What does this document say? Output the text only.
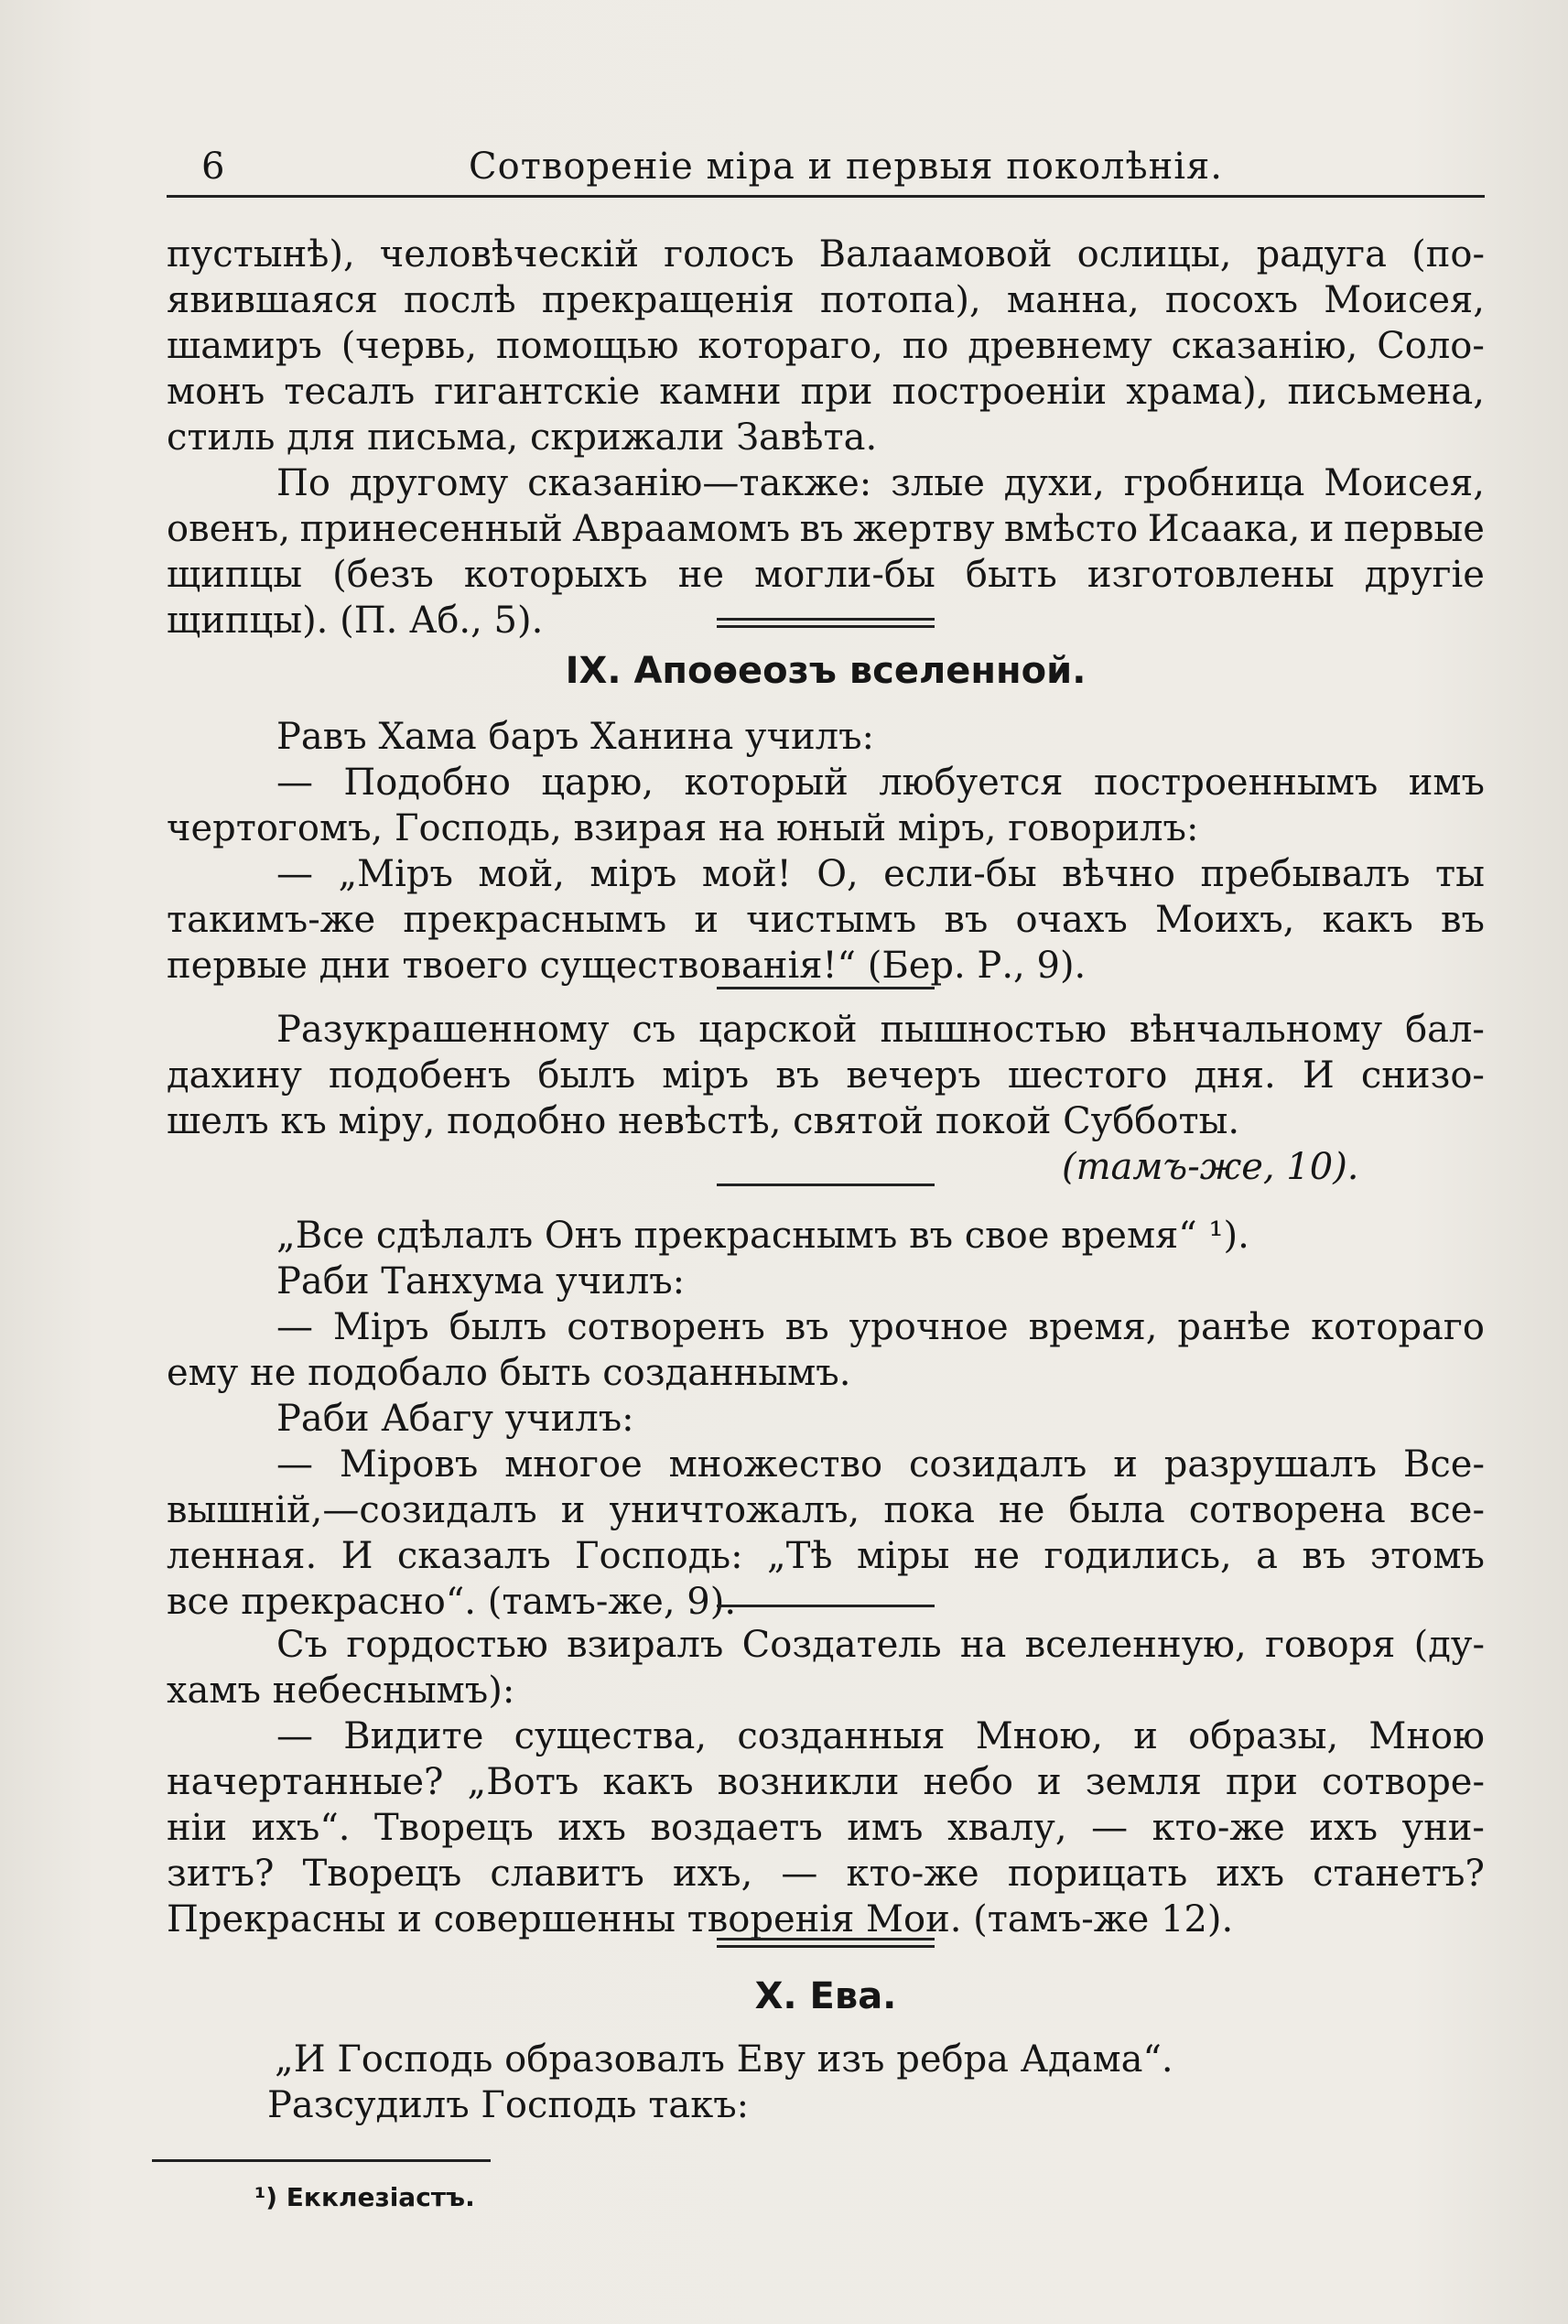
6	Сотвореніе міра и первыя поколѣнія.
пустынѣ), человѣческій голосъ Валаамовой ослицы, радуга (по-
явившаяся послѣ прекращенія потопа), манна, посохъ Моисея,
шамиръ (червь, помощью котораго, по древнему сказанію, Соло-
монъ тесалъ гигантскіе камни при построеніи храма), письмена,
стиль для письма, скрижали Завѣта.
По другому сказанію—также: злые духи, гробница Моисея,
овенъ, принесенный Авраамомъ въ жертву вмѣсто Исаака, и первые
щипцы (безъ которыхъ не могли-бы быть изготовлены другіе
щипцы). (П. Аб., 5).
IX. Апоѳеозъ вселенной.
Равъ Хама баръ Ханина училъ:
— Подобно царю, который любуется построеннымъ имъ
чертогомъ, Господь, взирая на юный міръ, говорилъ:
— „Міръ мой, міръ мой! О, если-бы вѣчно пребывалъ ты
такимъ-же прекраснымъ и чистымъ въ очахъ Моихъ, какъ въ
первые дни твоего существованія!“ (Бер. Р., 9).
Разукрашенному съ царской пышностью вѣнчальному бал-
дахину подобенъ былъ міръ въ вечеръ шестого дня. И снизо-
шелъ къ міру, подобно невѣстѣ, святой покой Субботы.
(тамъ-же, 10).
„Все сдѣлалъ Онъ прекраснымъ въ свое время“ ¹).
Раби Танхума училъ:
— Міръ былъ сотворенъ въ урочное время, ранѣе котораго
ему не подобало быть созданнымъ.
Раби Абагу училъ:
— Міровъ многое множество созидалъ и разрушалъ Все-
вышній,—созидалъ и уничтожалъ, пока не была сотворена все-
ленная. И сказалъ Господь: „Тѣ міры не годились, а въ этомъ
все прекрасно“. (тамъ-же, 9).
Съ гордостью взиралъ Создатель на вселенную, говоря (ду-
хамъ небеснымъ):
— Видите существа, созданныя Мною, и образы, Мною
начертанные? „Вотъ какъ возникли небо и земля при сотворе-
ніи ихъ“. Творецъ ихъ воздаетъ имъ хвалу, — кто-же ихъ уни-
зитъ? Творецъ славитъ ихъ, — кто-же порицать ихъ станетъ?
Прекрасны и совершенны творенія Мои. (тамъ-же 12).
X. Ева.
„И Господь образовалъ Еву изъ ребра Адама“.
Разсудилъ Господь такъ:
¹) Екклезіастъ.
